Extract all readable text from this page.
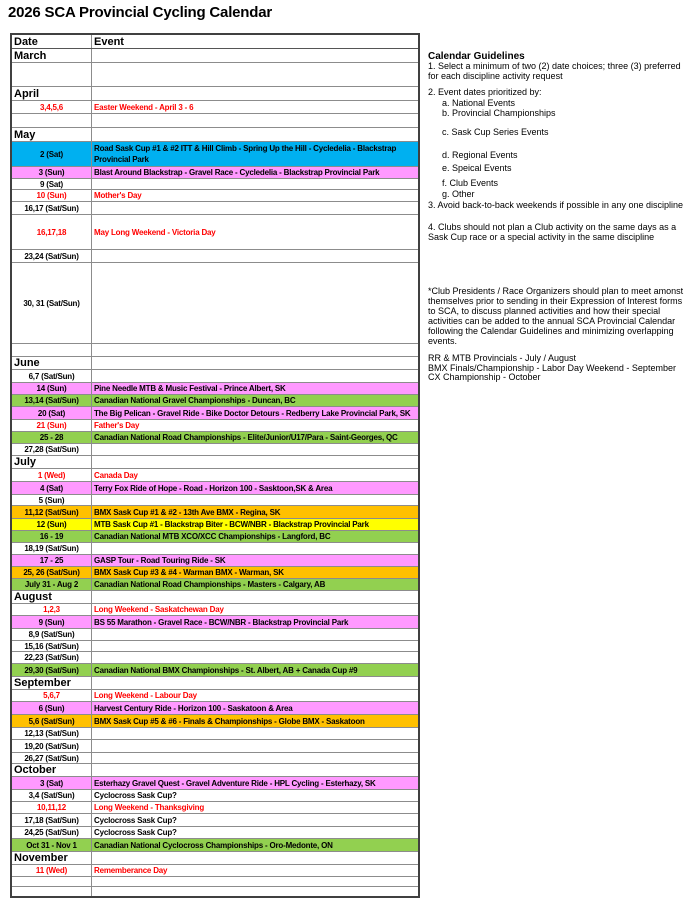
2026 SCA Provincial Cycling Calendar
Date	Event
March	

April	
3,4,5,6	Easter Weekend - April 3 - 6

May	
2 (Sat)	Road Sask Cup #1 & #2 ITT & Hill Climb - Spring Up the Hill - Cycledelia - Blackstrap Provincial Park
3 (Sun)	Blast Around Blackstrap - Gravel Race - Cycledelia - Blackstrap Provincial Park
9 (Sat)	
10 (Sun)	Mother's Day
16,17 (Sat/Sun)	
16,17,18	May Long Weekend - Victoria Day
23,24 (Sat/Sun)	
30, 31 (Sat/Sun)	

June	
6,7 (Sat/Sun)	
14 (Sun)	Pine Needle MTB & Music Festival - Prince Albert, SK
13,14 (Sat/Sun)	Canadian National Gravel Championships - Duncan, BC
20 (Sat)	The Big Pelican - Gravel Ride - Bike Doctor Detours - Redberry Lake Provincial Park, SK
21 (Sun)	Father's Day
25 - 28	Canadian National Road Championships - Elite/Junior/U17/Para - Saint-Georges, QC
27,28 (Sat/Sun)	
July	
1 (Wed)	Canada Day
4 (Sat)	Terry Fox Ride of Hope - Road - Horizon 100 - Sasktoon,SK & Area
5 (Sun)	
11,12 (Sat/Sun)	BMX Sask Cup #1 & #2 - 13th Ave BMX - Regina, SK
12 (Sun)	MTB Sask Cup #1 - Blackstrap Biter - BCW/NBR - Blackstrap Provincial Park
16 - 19	Canadian National MTB XCO/XCC Championships - Langford, BC
18,19 (Sat/Sun)	
17 - 25	GASP Tour - Road Touring Ride - SK
25, 26 (Sat/Sun)	BMX Sask Cup #3 & #4 - Warman BMX - Warman, SK
July 31 - Aug 2	Canadian National Road Championships - Masters - Calgary, AB
August	
1,2,3	Long Weekend - Saskatchewan Day
9 (Sun)	BS 55 Marathon - Gravel Race - BCW/NBR - Blackstrap Provincial Park
8,9 (Sat/Sun)	
15,16 (Sat/Sun)	
22,23 (Sat/Sun)	
29,30 (Sat/Sun)	Canadian National BMX Championships - St. Albert, AB + Canada Cup #9
September	
5,6,7	Long Weekend - Labour Day
6 (Sun)	Harvest Century Ride - Horizon 100 - Saskatoon & Area
5,6 (Sat/Sun)	BMX Sask Cup #5 & #6 - Finals & Championships - Globe BMX - Saskatoon
12,13 (Sat/Sun)	
19,20 (Sat/Sun)	
26,27 (Sat/Sun)	
October	
3 (Sat)	Esterhazy Gravel Quest - Gravel Adventure Ride - HPL Cycling - Esterhazy, SK
3,4 (Sat/Sun)	Cyclocross Sask Cup?
10,11,12	Long Weekend - Thanksgiving
17,18 (Sat/Sun)	Cyclocross Sask Cup?
24,25 (Sat/Sun)	Cyclocross Sask Cup?
Oct 31 - Nov 1	Canadian National Cyclocross Championships - Oro-Medonte, ON
November	
11 (Wed)	Rememberance Day

Calendar Guidelines
1. Select a minimum of two (2) date choices; three (3) preferred for each discipline activity request
2. Event dates prioritized by:
a. National Events
b. Provincial Championships
c. Sask Cup Series Events
d. Regional Events
e. Speical Events
f. Club Events
g. Other
3. Avoid back-to-back weekends if possible in any one discipline
4. Clubs should not plan a Club activity on the same days as a Sask Cup race or a special activity in the same discipline
*Club Presidents / Race Organizers should plan to meet amonst themselves prior to sending in their Expression of Interest forms to SCA, to discuss planned activities and how their special activities can be added to the annual SCA Provincial Calendar following the Calendar Guidelines and minimizing overlapping events.
RR & MTB Provincials - July / August
BMX Finals/Championship - Labor Day Weekend - September
CX Championship - October
